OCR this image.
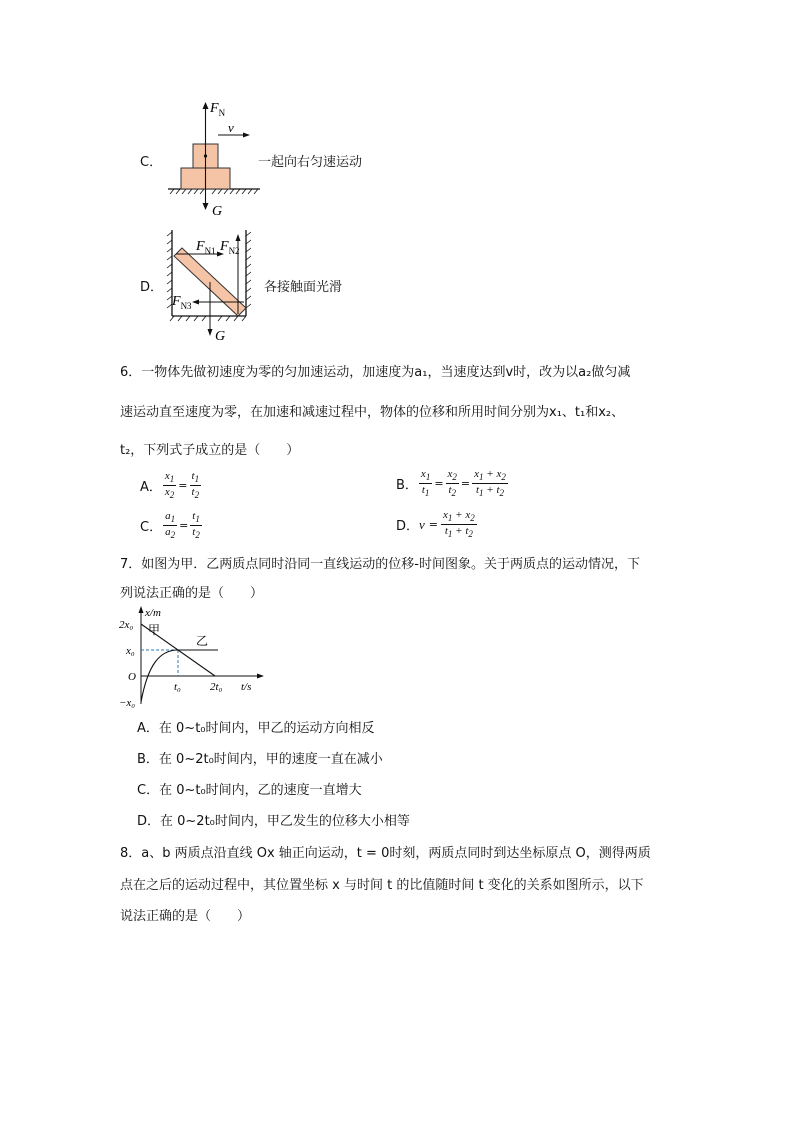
C．
$F_N$
v
G
一起向右匀速运动
D．
$F_{N1}$ $F_{N2}$
$F_{N3}$
G
各接触面光滑
6．一物体先做初速度为零的匀加速运动，加速度为a₁，当速度达到v时，改为以a₂做匀减
速运动直至速度为零，在加速和减速过程中，物体的位移和所用时间分别为x₁、t₁和x₂、
t₂，下列式子成立的是（　　）
A． $\frac{x_1}{x_2} = \frac{t_1}{t_2}$	B． $\frac{x_1}{t_1} = \frac{x_2}{t_2} = \frac{x_1 + x_2}{t_1 + t_2}$
C． $\frac{a_1}{a_2} = \frac{t_1}{t_2}$	D． $v = \frac{x_1 + x_2}{t_1 + t_2}$
7．如图为甲．乙两质点同时沿同一直线运动的位移-时间图象。关于两质点的运动情况，下
列说法正确的是（　　）
x/m
t/s
2x₀
x₀
O
−x₀
t₀	2t₀
甲
乙
A．在 0~t₀时间内，甲乙的运动方向相反
B．在 0~2t₀时间内，甲的速度一直在减小
C．在 0~t₀时间内，乙的速度一直增大
D．在 0~2t₀时间内，甲乙发生的位移大小相等
8．a、b 两质点沿直线 Ox 轴正向运动，t = 0时刻，两质点同时到达坐标原点 O，测得两质
点在之后的运动过程中，其位置坐标 x 与时间 t 的比值随时间 t 变化的关系如图所示，以下
说法正确的是（　　）
